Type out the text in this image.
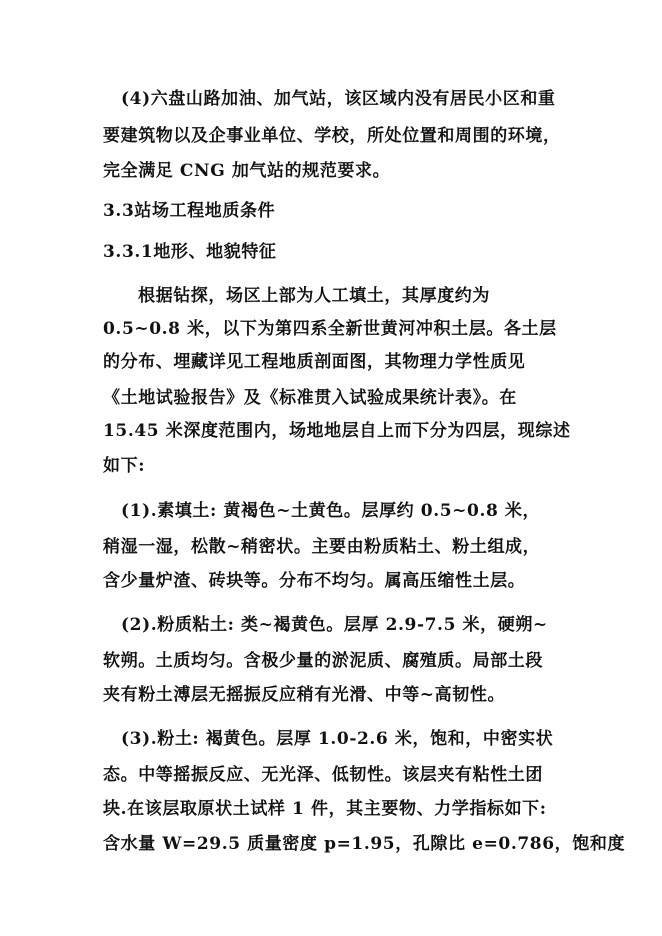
(4)六盘山路加油、加气站，该区域内没有居民小区和重
要建筑物以及企事业单位、学校，所处位置和周围的环境，
完全满足 CNG 加气站的规范要求。
3.3站场工程地质条件
3.3.1地形、地貌特征
根据钻探，场区上部为人工填土，其厚度约为
0.5~0.8 米，以下为第四系全新世黄河冲积土层。各土层
的分布、埋藏详见工程地质剖面图，其物理力学性质见
《土地试验报告》及《标准贯入试验成果统计表》。在
15.45 米深度范围内，场地地层自上而下分为四层，现综述
如下:
(1).素填土: 黄褐色~土黄色。层厚约 0.5~0.8 米，
稍湿一湿，松散~稍密状。主要由粉质粘土、粉土组成，
含少量炉渣、砖块等。分布不均匀。属高压缩性土层。
(2).粉质粘土: 类~褐黄色。层厚 2.9-7.5 米，硬朔~
软朔。土质均匀。含极少量的淤泥质、腐殖质。局部土段
夹有粉土溥层无摇振反应稍有光滑、中等~高韧性。
(3).粉土: 褐黄色。层厚 1.0-2.6 米，饱和，中密实状
态。中等摇振反应、无光泽、低韧性。该层夹有粘性土团
块.在该层取原状土试样 1 件，其主要物、力学指标如下:
含水量 W=29.5 质量密度 p=1.95，孔隙比 e=0.786，饱和度
